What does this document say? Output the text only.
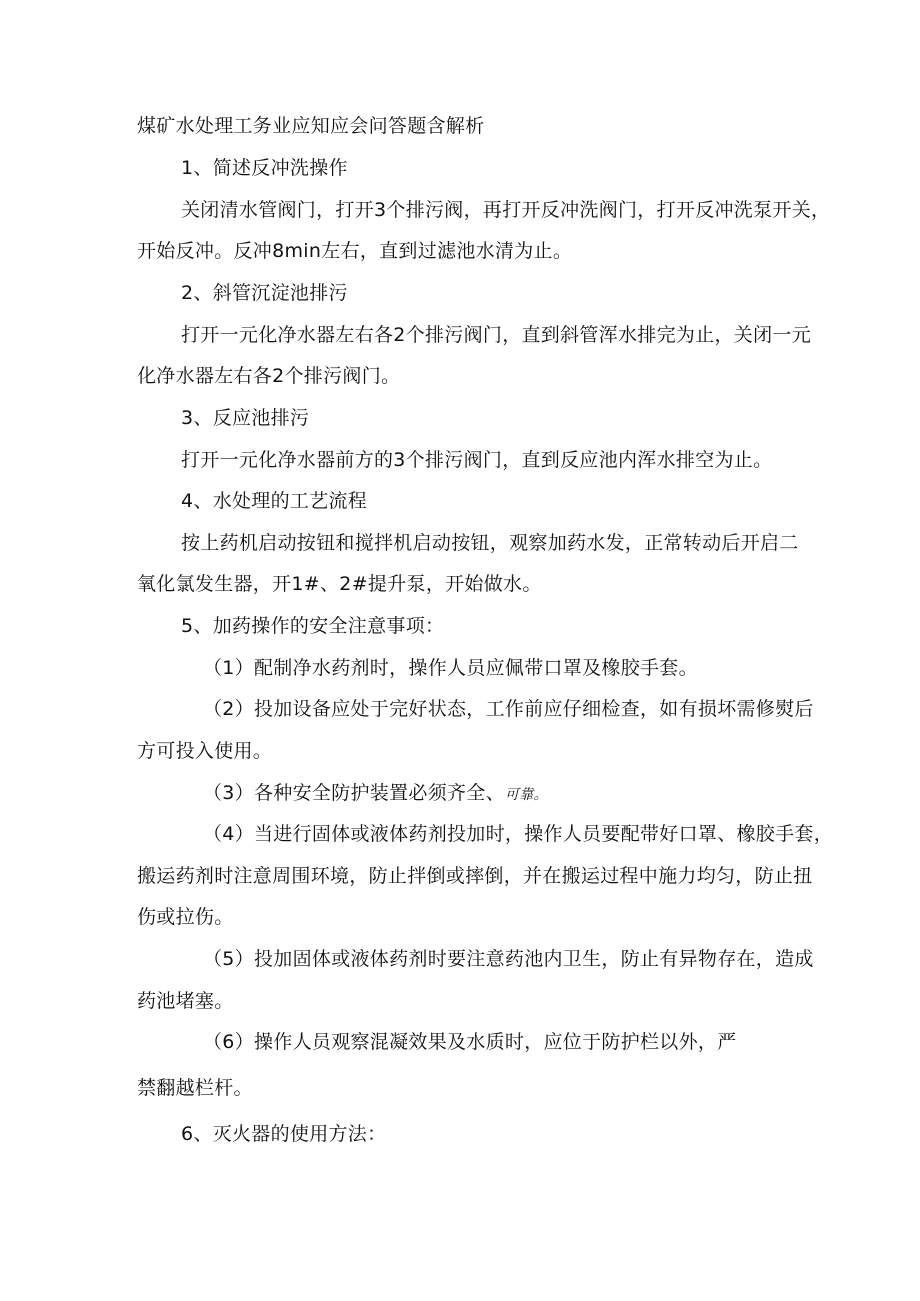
煤矿水处理工务业应知应会问答题含解析
1、简述反冲洗操作
关闭清水管阀门，打开3个排污阀，再打开反冲洗阀门，打开反冲洗泵开关，
开始反冲。反冲8min左右，直到过滤池水清为止。
2、斜管沉淀池排污
打开一元化净水器左右各2个排污阀门，直到斜管浑水排完为止，关闭一元
化净水器左右各2个排污阀门。
3、反应池排污
打开一元化净水器前方的3个排污阀门，直到反应池内浑水排空为止。
4、水处理的工艺流程
按上药机启动按钮和搅拌机启动按钮，观察加药水发，正常转动后开启二
氧化氯发生器，开1#、2#提升泵，开始做水。
5、加药操作的安全注意事项：
（1）配制净水药剂时，操作人员应佩带口罩及橡胶手套。
（2）投加设备应处于完好状态，工作前应仔细检查，如有损坏需修熨后
方可投入使用。
（3）各种安全防护装置必须齐全、可靠。
（4）当进行固体或液体药剂投加时，操作人员要配带好口罩、橡胶手套，
搬运药剂时注意周围环境，防止拌倒或摔倒，并在搬运过程中施力均匀，防止扭
伤或拉伤。
（5）投加固体或液体药剂时要注意药池内卫生，防止有异物存在，造成
药池堵塞。
（6）操作人员观察混凝效果及水质时，应位于防护栏以外，严
禁翻越栏杆。
6、灭火器的使用方法：
